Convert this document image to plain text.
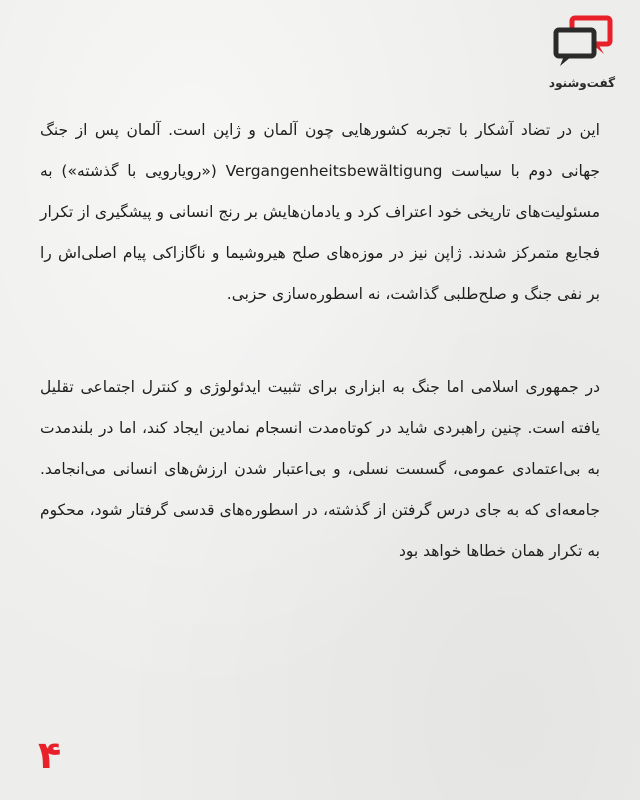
گفت‌وشنود

این در تضاد آشکار با تجربه کشورهایی چون آلمان و ژاپن است. آلمان پس از جنگ جهانی دوم با سیاست Vergangenheitsbewältigung («رویارویی با گذشته») به مسئولیت‌های تاریخی خود اعتراف کرد و یادمان‌هایش بر رنج انسانی و پیشگیری از تکرار فجایع متمرکز شدند. ژاپن نیز در موزه‌های صلح هیروشیما و ناگازاکی پیام اصلی‌اش را بر نفی جنگ و صلح‌طلبی گذاشت، نه اسطوره‌سازی حزبی.

در جمهوری اسلامی اما جنگ به ابزاری برای تثبیت ایدئولوژی و کنترل اجتماعی تقلیل یافته است. چنین راهبردی شاید در کوتاه‌مدت انسجام نمادین ایجاد کند، اما در بلندمدت به بی‌اعتمادی عمومی، گسست نسلی، و بی‌اعتبار شدن ارزش‌های انسانی می‌انجامد. جامعه‌ای که به جای درس گرفتن از گذشته، در اسطوره‌های قدسی گرفتار شود، محکوم به تکرار همان خطاها خواهد بود

۴
